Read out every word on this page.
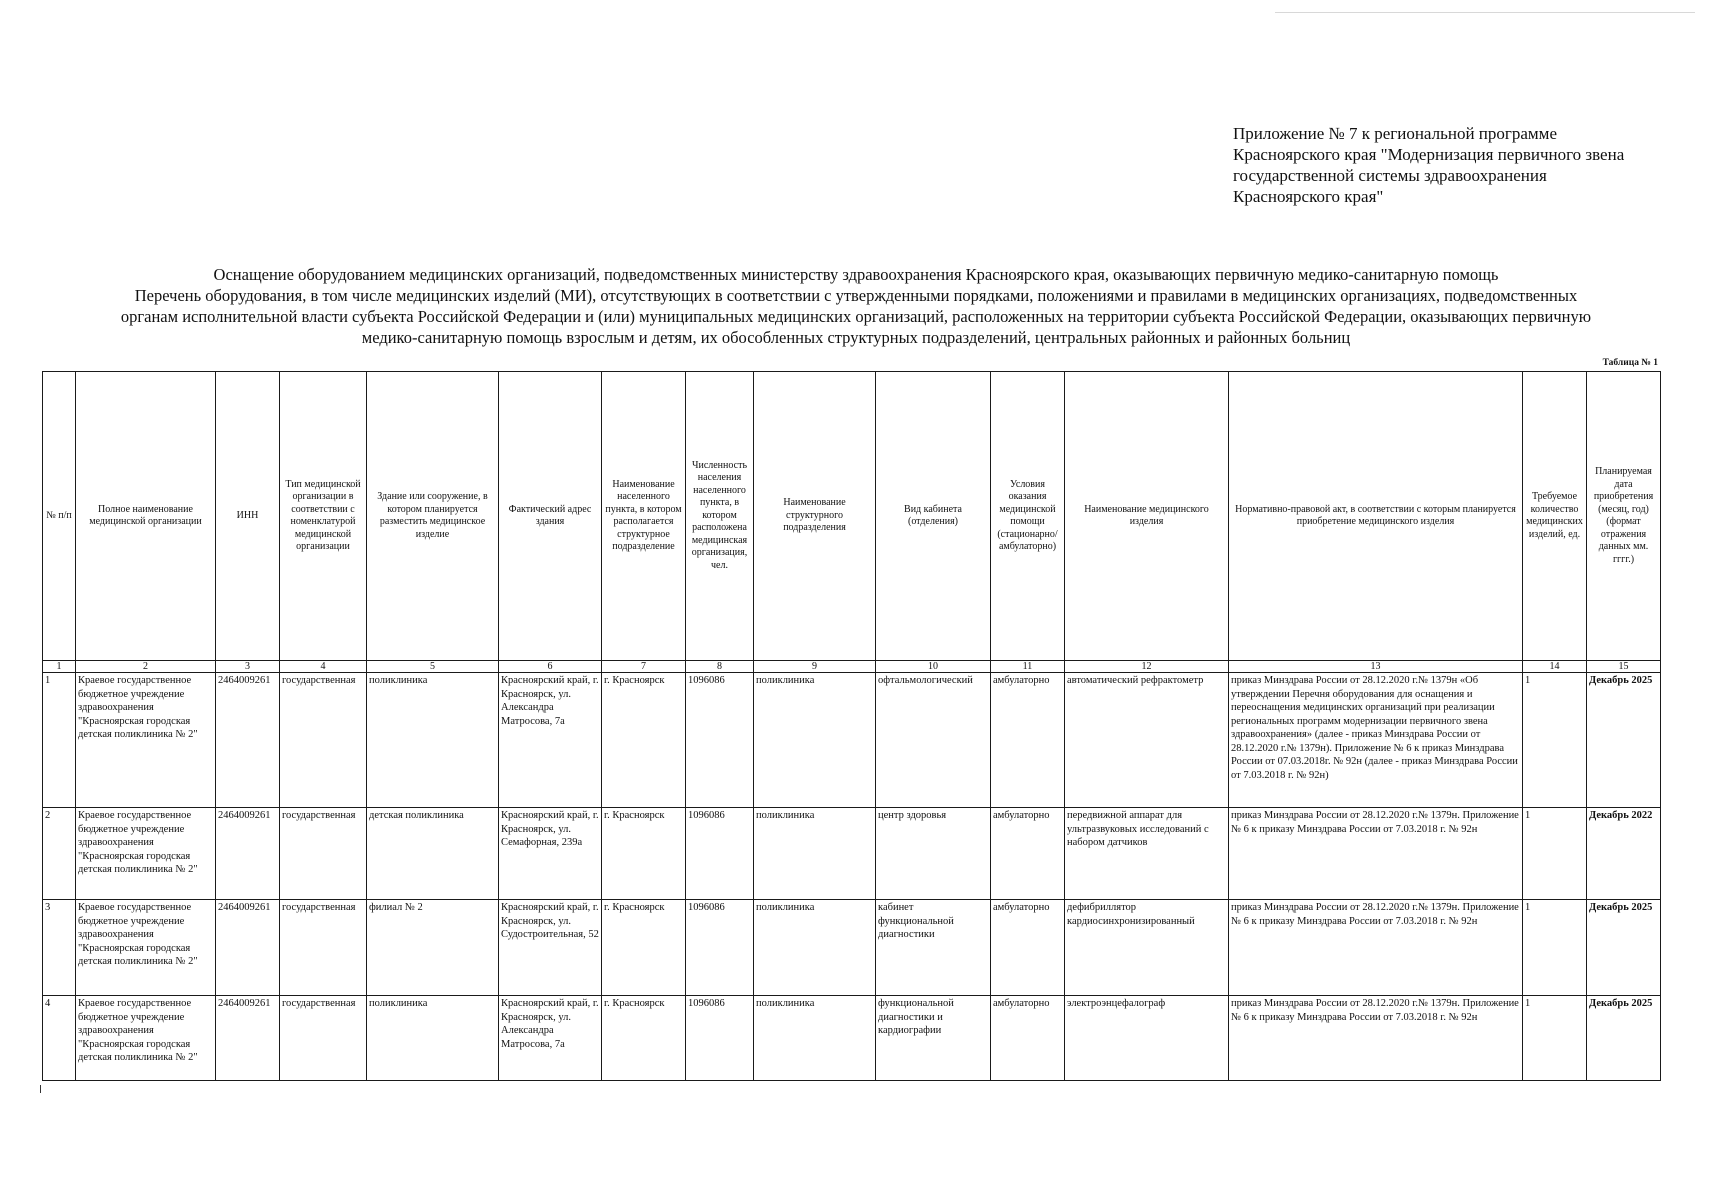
Приложение № 7 к региональной программе
Красноярского края "Модернизация первичного звена
государственной системы здравоохранения
Красноярского края"
Оснащение оборудованием медицинских организаций, подведомственных министерству здравоохранения Красноярского края, оказывающих первичную медико-санитарную помощь
Перечень оборудования, в том числе медицинских изделий (МИ), отсутствующих в соответствии с утвержденными порядками, положениями и правилами в медицинских организациях, подведомственных
органам исполнительной власти субъекта Российской Федерации и (или) муниципальных медицинских организаций, расположенных на территории субъекта Российской Федерации, оказывающих первичную
медико-санитарную помощь взрослым и детям, их обособленных структурных подразделений, центральных районных и районных больниц
Таблица № 1
№ п/п	Полное наименование медицинской организации	ИНН	Тип медицинской организации в соответствии с номенклатурой медицинской организации	Здание или сооружение, в котором планируется разместить медицинское изделие	Фактический адрес здания	Наименование населенного пункта, в котором располагается структурное подразделение	Численность населения населенного пункта, в котором расположена медицинская организация, чел.	Наименование структурного подразделения	Вид кабинета (отделения)	Условия оказания медицинской помощи (стационарно/ амбулаторно)	Наименование медицинского изделия	Нормативно-правовой акт, в соответствии с которым планируется приобретение медицинского изделия	Требуемое количество медицинских изделий, ед.	Планируемая дата приобретения (месяц, год) (формат отражения данных мм. гггг.)
1	2	3	4	5	6	7	8	9	10	11	12	13	14	15
1	Краевое государственное бюджетное учреждение здравоохранения "Красноярская городская детская поликлиника № 2"	2464009261	государственная	поликлиника	Красноярский край, г. Красноярск, ул. Александра Матросова, 7а	г. Красноярск	1096086	поликлиника	офтальмологический	амбулаторно	автоматический рефрактометр	приказ Минздрава России от 28.12.2020 г.№ 1379н «Об утверждении Перечня оборудования для оснащения и переоснащения медицинских организаций при реализации региональных программ модернизации первичного звена здравоохранения» (далее - приказ Минздрава России от 28.12.2020 г.№ 1379н). Приложение № 6 к приказ Минздрава России от 07.03.2018г. № 92н (далее - приказ Минздрава России от 7.03.2018 г. № 92н)	1	Декабрь 2025
2	Краевое государственное бюджетное учреждение здравоохранения "Красноярская городская детская поликлиника № 2"	2464009261	государственная	детская поликлиника	Красноярский край, г. Красноярск, ул. Семафорная, 239а	г. Красноярск	1096086	поликлиника	центр здоровья	амбулаторно	передвижной аппарат для ультразвуковых исследований с набором датчиков	приказ Минздрава России от 28.12.2020 г.№ 1379н. Приложение № 6 к приказу Минздрава России от 7.03.2018 г. № 92н	1	Декабрь 2022
3	Краевое государственное бюджетное учреждение здравоохранения "Красноярская городская детская поликлиника № 2"	2464009261	государственная	филиал № 2	Красноярский край, г. Красноярск, ул. Судостроительная, 52	г. Красноярск	1096086	поликлиника	кабинет функциональной диагностики	амбулаторно	дефибриллятор кардиосинхронизированный	приказ Минздрава России от 28.12.2020 г.№ 1379н. Приложение № 6 к приказу Минздрава России от 7.03.2018 г. № 92н	1	Декабрь 2025
4	Краевое государственное бюджетное учреждение здравоохранения "Красноярская городская детская поликлиника № 2"	2464009261	государственная	поликлиника	Красноярский край, г. Красноярск, ул. Александра Матросова, 7а	г. Красноярск	1096086	поликлиника	функциональной диагностики и кардиографии	амбулаторно	электроэнцефалограф	приказ Минздрава России от 28.12.2020 г.№ 1379н. Приложение № 6 к приказу Минздрава России от 7.03.2018 г. № 92н	1	Декабрь 2025
